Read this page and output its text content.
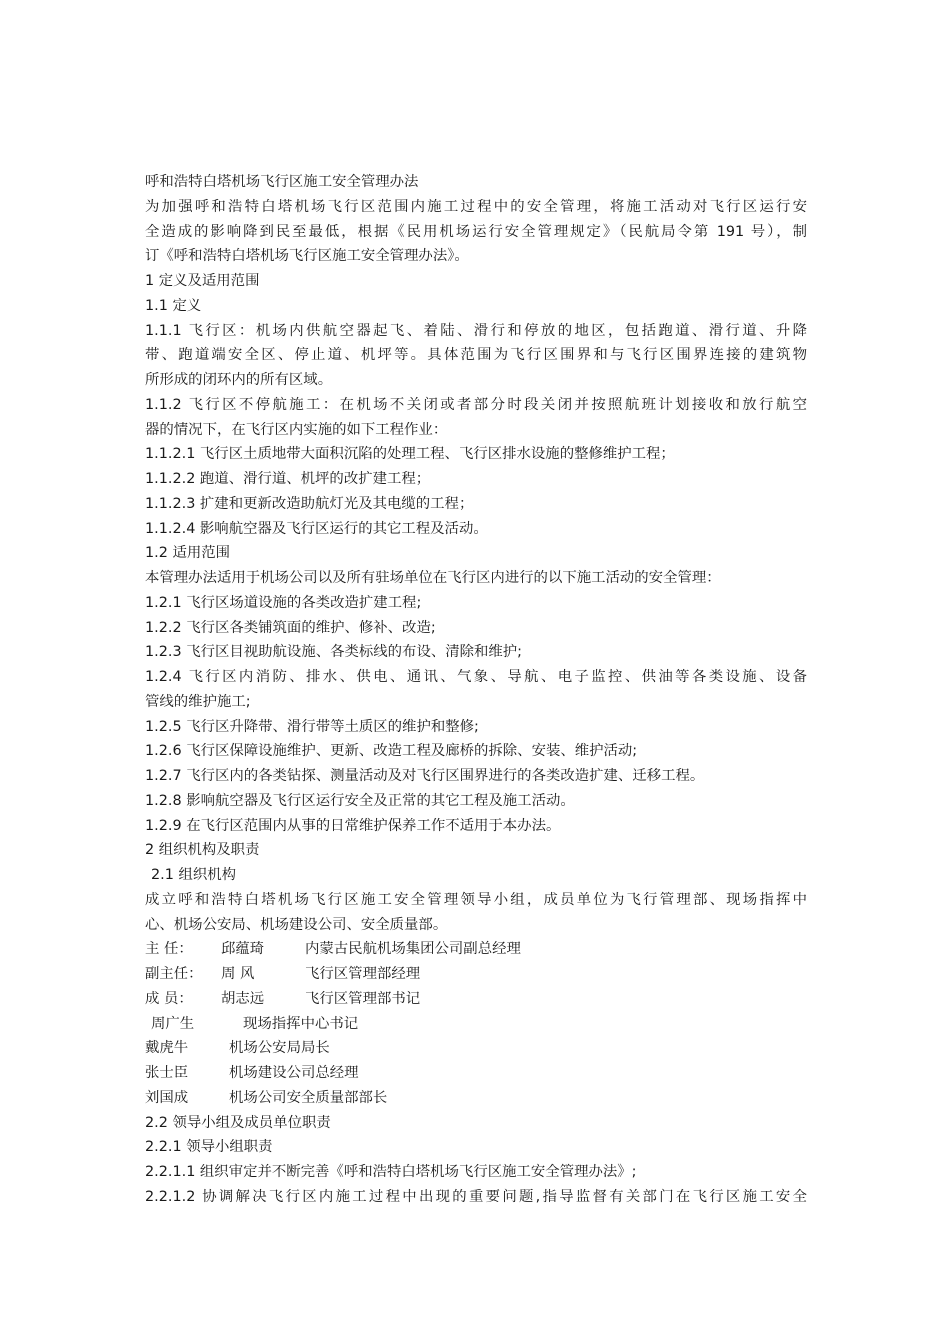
呼和浩特白塔机场飞行区施工安全管理办法
为加强呼和浩特白塔机场飞行区范围内施工过程中的安全管理，将施工活动对飞行区运行安
全造成的影响降到民至最低，根据《民用机场运行安全管理规定》（民航局令第 191 号），制
订《呼和浩特白塔机场飞行区施工安全管理办法》。
1 定义及适用范围
1.1 定义
1.1.1 飞行区：机场内供航空器起飞、着陆、滑行和停放的地区，包括跑道、滑行道、升降
带、跑道端安全区、停止道、机坪等。具体范围为飞行区围界和与飞行区围界连接的建筑物
所形成的闭环内的所有区域。
1.1.2 飞行区不停航施工：在机场不关闭或者部分时段关闭并按照航班计划接收和放行航空
器的情况下，在飞行区内实施的如下工程作业：
1.1.2.1 飞行区土质地带大面积沉陷的处理工程、飞行区排水设施的整修维护工程；
1.1.2.2 跑道、滑行道、机坪的改扩建工程；
1.1.2.3 扩建和更新改造助航灯光及其电缆的工程；
1.1.2.4 影响航空器及飞行区运行的其它工程及活动。
1.2 适用范围
本管理办法适用于机场公司以及所有驻场单位在飞行区内进行的以下施工活动的安全管理：
1.2.1 飞行区场道设施的各类改造扩建工程;
1.2.2 飞行区各类铺筑面的维护、修补、改造;
1.2.3 飞行区目视助航设施、各类标线的布设、清除和维护;
1.2.4 飞行区内消防、排水、供电、通讯、气象、导航、电子监控、供油等各类设施、设备
管线的维护施工;
1.2.5 飞行区升降带、滑行带等土质区的维护和整修;
1.2.6 飞行区保障设施维护、更新、改造工程及廊桥的拆除、安装、维护活动;
1.2.7 飞行区内的各类钻探、测量活动及对飞行区围界进行的各类改造扩建、迁移工程。
1.2.8 影响航空器及飞行区运行安全及正常的其它工程及施工活动。
1.2.9 在飞行区范围内从事的日常维护保养工作不适用于本办法。
2 组织机构及职责
2.1 组织机构
成立呼和浩特白塔机场飞行区施工安全管理领导小组，成员单位为飞行管理部、现场指挥中
心、机场公安局、机场建设公司、安全质量部。
主 任： 邱蕴琦	内蒙古民航机场集团公司副总经理
副主任： 周 风	飞行区管理部经理
成 员： 胡志远	飞行区管理部书记
周广生	现场指挥中心书记
戴虎牛	机场公安局局长
张士臣	机场建设公司总经理
刘国成	机场公司安全质量部部长
2.2 领导小组及成员单位职责
2.2.1 领导小组职责
2.2.1.1 组织审定并不断完善《呼和浩特白塔机场飞行区施工安全管理办法》;
2.2.1.2 协调解决飞行区内施工过程中出现的重要问题,指导监督有关部门在飞行区施工安全
